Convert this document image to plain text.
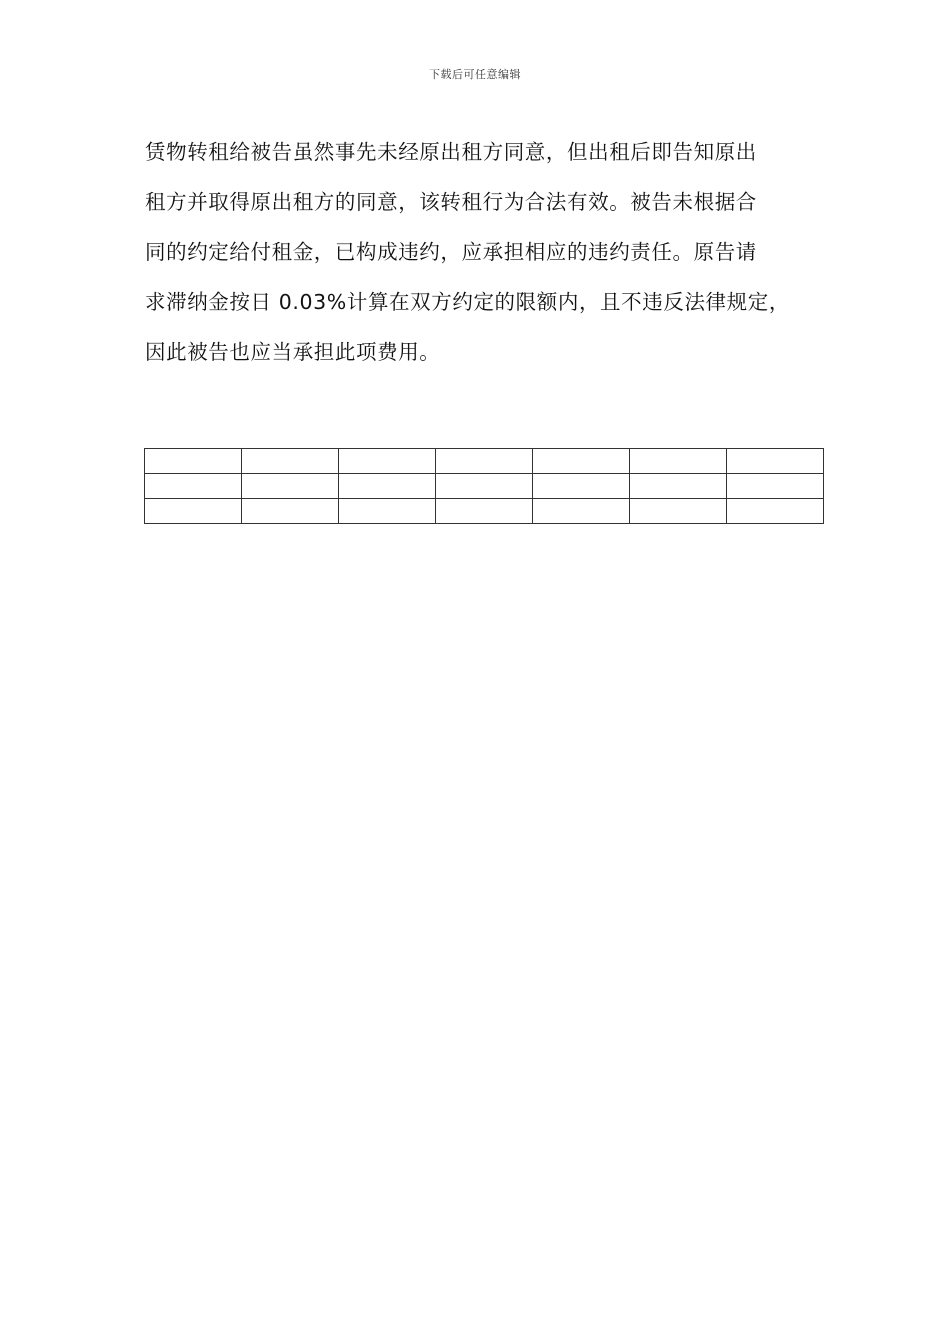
下载后可任意编辑
赁物转租给被告虽然事先未经原出租方同意，但出租后即告知原出
租方并取得原出租方的同意，该转租行为合法有效。被告未根据合
同的约定给付租金，已构成违约，应承担相应的违约责任。原告请
求滞纳金按日 0.03%计算在双方约定的限额内，且不违反法律规定，
因此被告也应当承担此项费用。
